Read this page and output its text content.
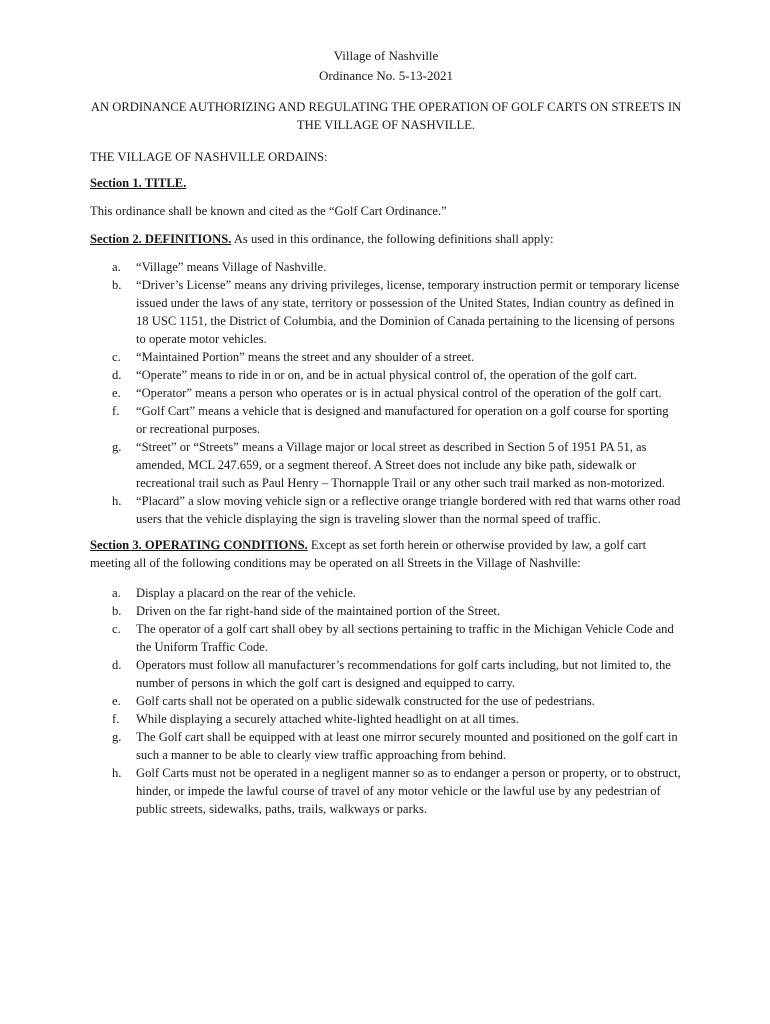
Village of Nashville
Ordinance No. 5-13-2021
AN ORDINANCE AUTHORIZING AND REGULATING THE OPERATION OF GOLF CARTS ON STREETS IN THE VILLAGE OF NASHVILLE.
THE VILLAGE OF NASHVILLE ORDAINS:

Section 1. TITLE.

This ordinance shall be known and cited as the “Golf Cart Ordinance.”

Section 2. DEFINITIONS. As used in this ordinance, the following definitions shall apply:

a. “Village” means Village of Nashville.
b. “Driver’s License” means any driving privileges, license, temporary instruction permit or temporary license issued under the laws of any state, territory or possession of the United States, Indian country as defined in 18 USC 1151, the District of Columbia, and the Dominion of Canada pertaining to the licensing of persons to operate motor vehicles.
c. “Maintained Portion” means the street and any shoulder of a street.
d. “Operate” means to ride in or on, and be in actual physical control of, the operation of the golf cart.
e. “Operator” means a person who operates or is in actual physical control of the operation of the golf cart.
f. “Golf Cart” means a vehicle that is designed and manufactured for operation on a golf course for sporting or recreational purposes.
g. “Street” or “Streets” means a Village major or local street as described in Section 5 of 1951 PA 51, as amended, MCL 247.659, or a segment thereof. A Street does not include any bike path, sidewalk or recreational trail such as Paul Henry – Thornapple Trail or any other such trail marked as non-motorized.
h. “Placard” a slow moving vehicle sign or a reflective orange triangle bordered with red that warns other road users that the vehicle displaying the sign is traveling slower than the normal speed of traffic.

Section 3. OPERATING CONDITIONS. Except as set forth herein or otherwise provided by law, a golf cart meeting all of the following conditions may be operated on all Streets in the Village of Nashville:

a. Display a placard on the rear of the vehicle.
b. Driven on the far right-hand side of the maintained portion of the Street.
c. The operator of a golf cart shall obey by all sections pertaining to traffic in the Michigan Vehicle Code and the Uniform Traffic Code.
d. Operators must follow all manufacturer’s recommendations for golf carts including, but not limited to, the number of persons in which the golf cart is designed and equipped to carry.
e. Golf carts shall not be operated on a public sidewalk constructed for the use of pedestrians.
f. While displaying a securely attached white-lighted headlight on at all times.
g. The Golf cart shall be equipped with at least one mirror securely mounted and positioned on the golf cart in such a manner to be able to clearly view traffic approaching from behind.
h. Golf Carts must not be operated in a negligent manner so as to endanger a person or property, or to obstruct, hinder, or impede the lawful course of travel of any motor vehicle or the lawful use by any pedestrian of public streets, sidewalks, paths, trails, walkways or parks.
